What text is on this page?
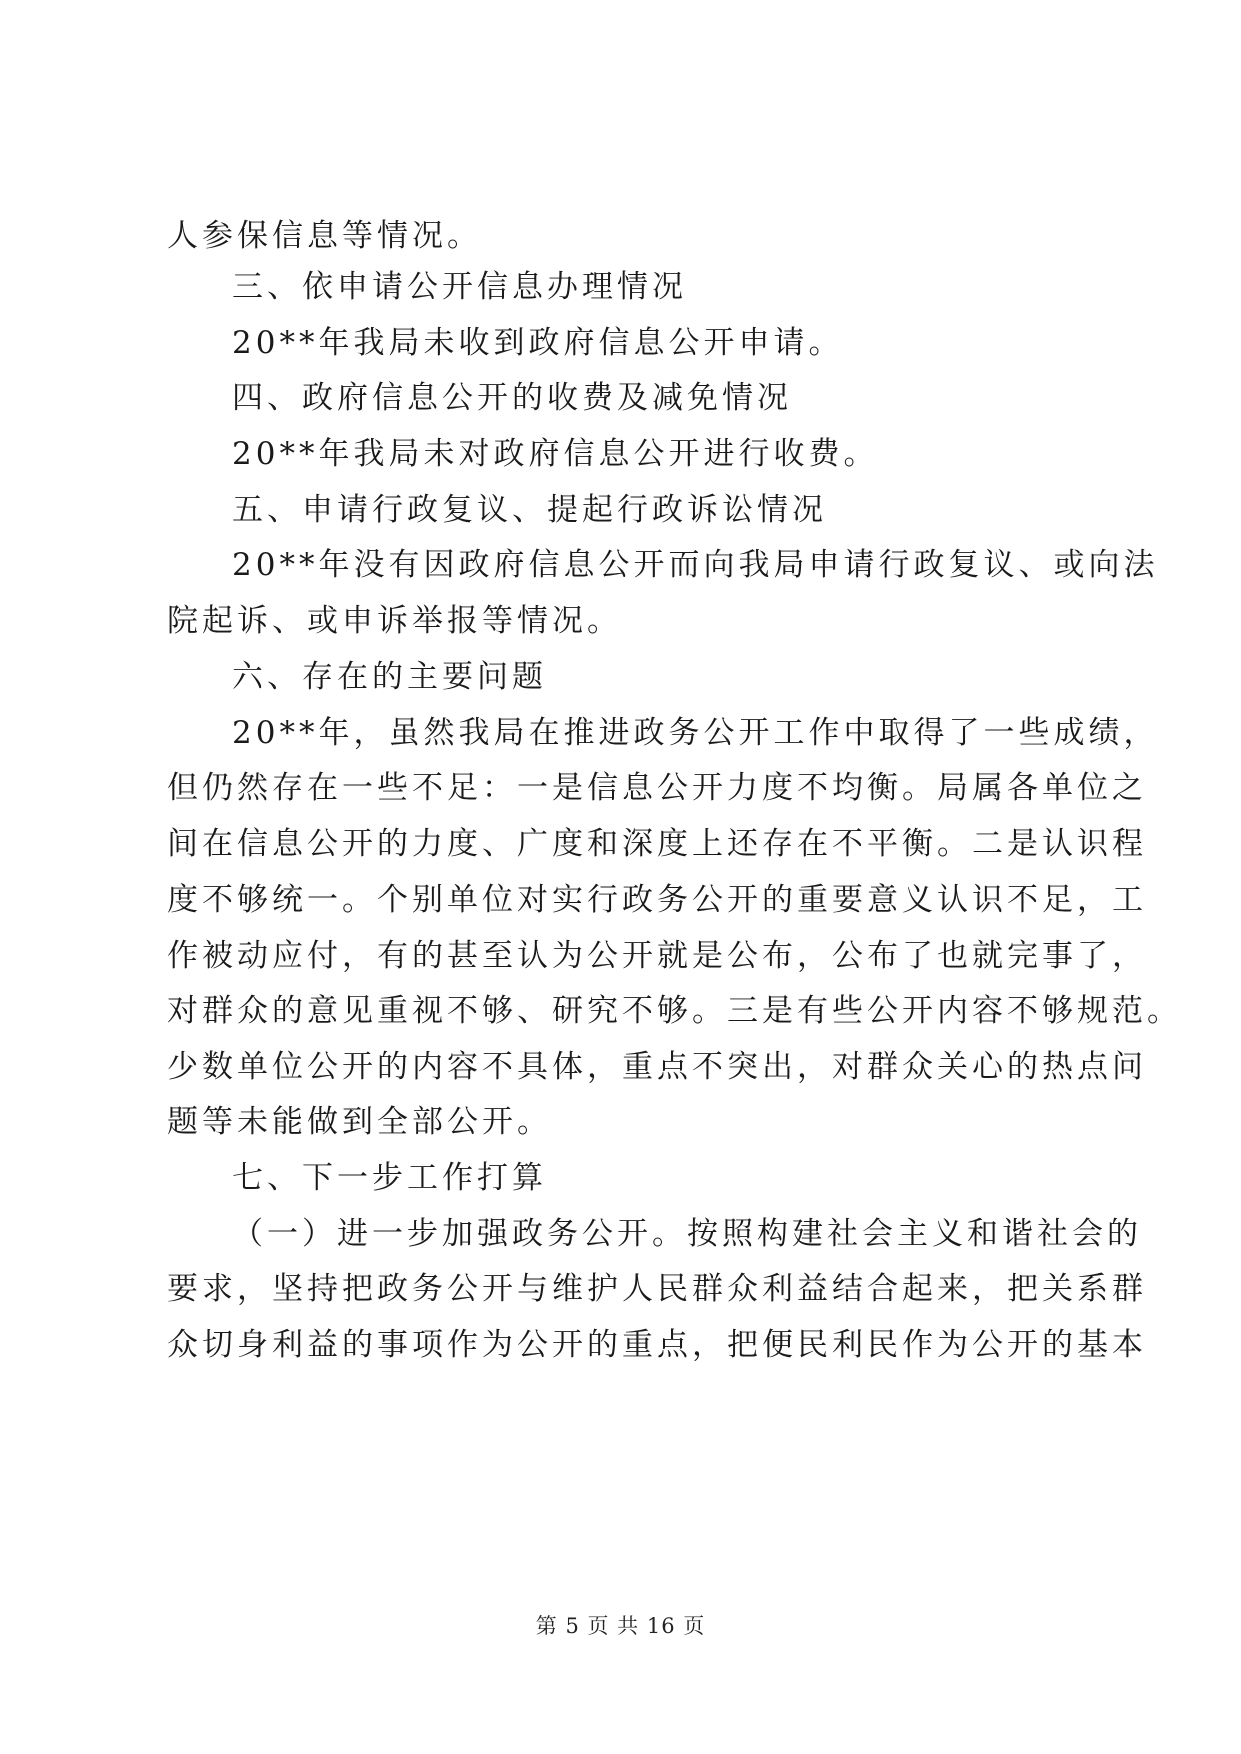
人参保信息等情况。

三、依申请公开信息办理情况

20**年我局未收到政府信息公开申请。

四、政府信息公开的收费及减免情况

20**年我局未对政府信息公开进行收费。

五、申请行政复议、提起行政诉讼情况

20**年没有因政府信息公开而向我局申请行政复议、或向法

院起诉、或申诉举报等情况。

六、存在的主要问题

20**年，虽然我局在推进政务公开工作中取得了一些成绩，

但仍然存在一些不足：一是信息公开力度不均衡。局属各单位之

间在信息公开的力度、广度和深度上还存在不平衡。二是认识程

度不够统一。个别单位对实行政务公开的重要意义认识不足，工

作被动应付，有的甚至认为公开就是公布，公布了也就完事了，

对群众的意见重视不够、研究不够。三是有些公开内容不够规范。

少数单位公开的内容不具体，重点不突出，对群众关心的热点问

题等未能做到全部公开。

七、下一步工作打算

（一）进一步加强政务公开。按照构建社会主义和谐社会的

要求，坚持把政务公开与维护人民群众利益结合起来，把关系群

众切身利益的事项作为公开的重点，把便民利民作为公开的基本

第 5 页 共 16 页
